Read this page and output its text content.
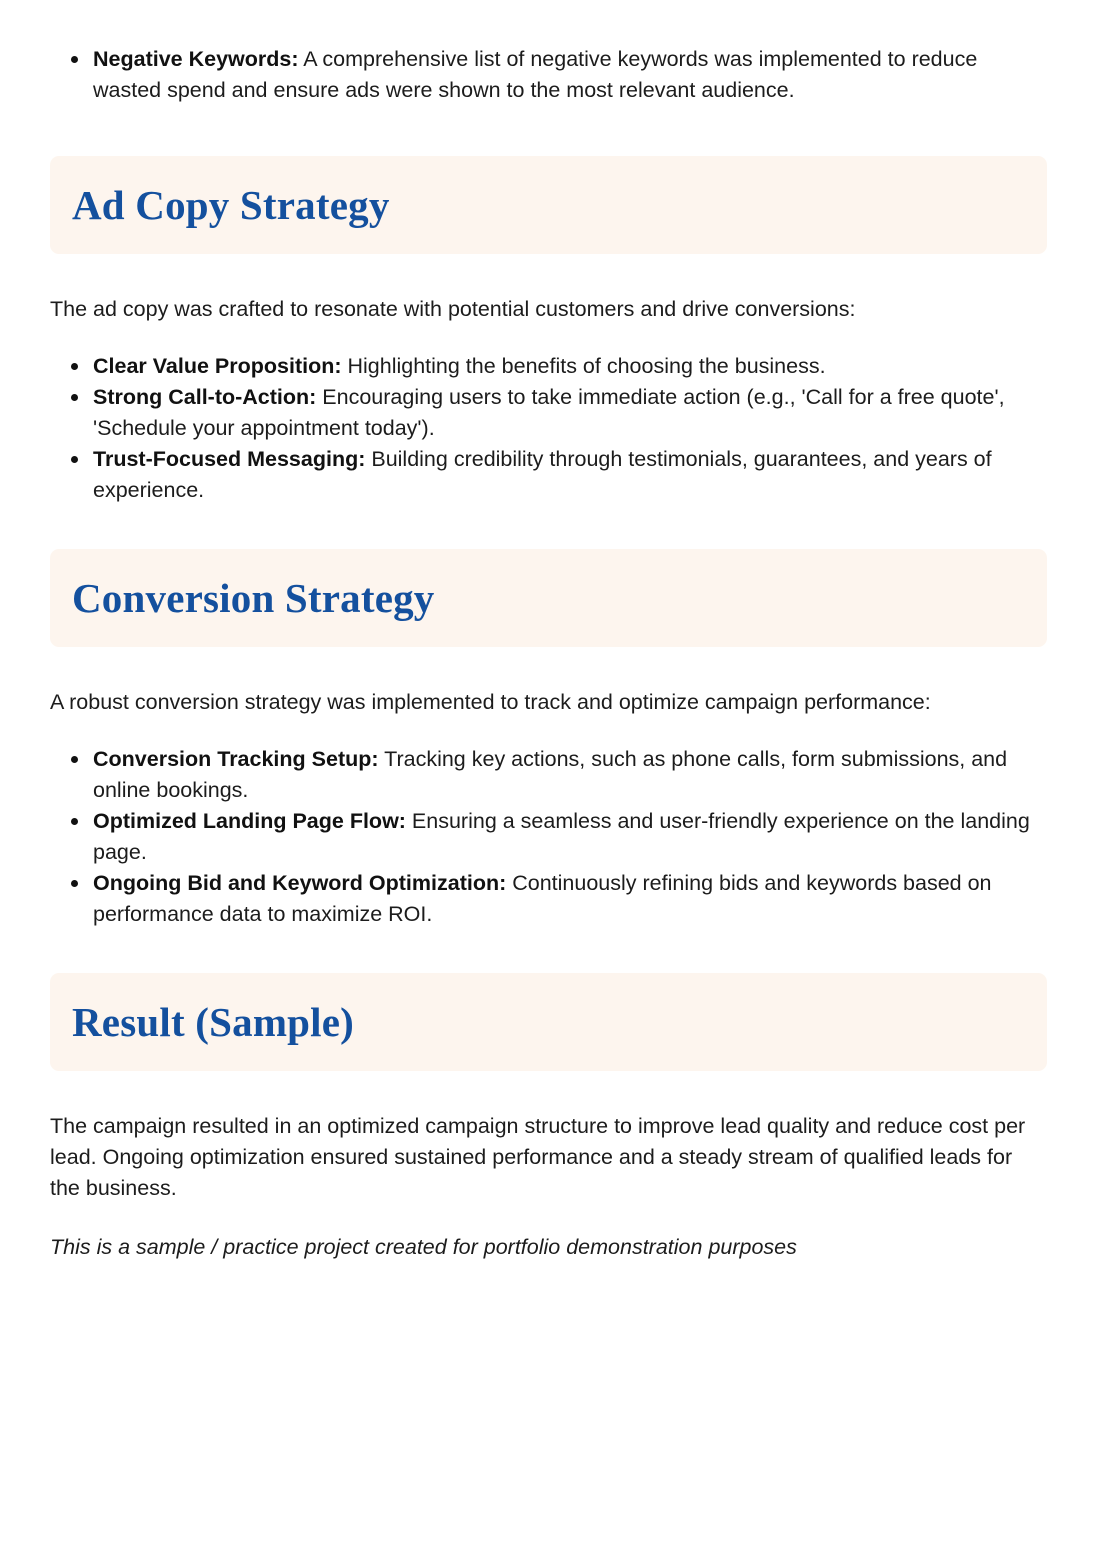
Negative Keywords: A comprehensive list of negative keywords was implemented to reduce wasted spend and ensure ads were shown to the most relevant audience.
Ad Copy Strategy

The ad copy was crafted to resonate with potential customers and drive conversions:

Clear Value Proposition: Highlighting the benefits of choosing the business.
Strong Call-to-Action: Encouraging users to take immediate action (e.g., 'Call for a free quote', 'Schedule your appointment today').
Trust-Focused Messaging: Building credibility through testimonials, guarantees, and years of experience.
Conversion Strategy

A robust conversion strategy was implemented to track and optimize campaign performance:

Conversion Tracking Setup: Tracking key actions, such as phone calls, form submissions, and online bookings.
Optimized Landing Page Flow: Ensuring a seamless and user-friendly experience on the landing page.
Ongoing Bid and Keyword Optimization: Continuously refining bids and keywords based on performance data to maximize ROI.
Result (Sample)

The campaign resulted in an optimized campaign structure to improve lead quality and reduce cost per lead. Ongoing optimization ensured sustained performance and a steady stream of qualified leads for the business.

This is a sample / practice project created for portfolio demonstration purposes
